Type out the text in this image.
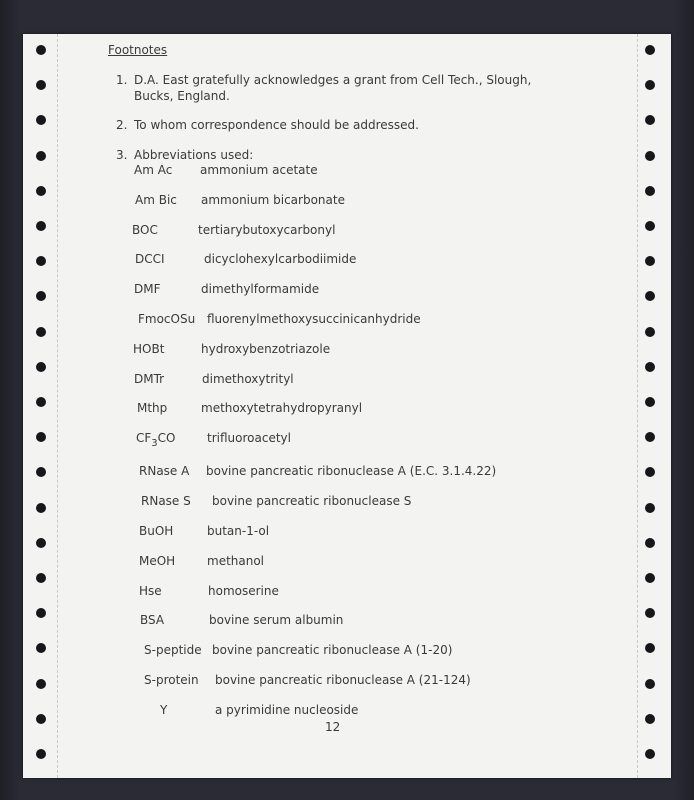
Footnotes
1. D.A. East gratefully acknowledges a grant from Cell Tech., Slough,
Bucks, England.
2. To whom correspondence should be addressed.
3. Abbreviations used:
Am Ac ammonium acetate
Am Bic ammonium bicarbonate
BOC	tertiarybutoxycarbonyl
DCCI	dicyclohexylcarbodiimide
DMF	dimethylformamide
FmocOSu fluorenylmethoxysuccinicanhydride
HOBt	hydroxybenzotriazole
DMTr	dimethoxytrityl
Mthp	methoxytetrahydropyranyl
$CF_3CO$	trifluoroacetyl
RNase A bovine pancreatic ribonuclease A (E.C. 3.1.4.22)
RNase S bovine pancreatic ribonuclease S
BuOH	butan-1-ol
MeOH	methanol
Hse	homoserine
BSA	bovine serum albumin
S-peptide bovine pancreatic ribonuclease A (1-20)
S-protein bovine pancreatic ribonuclease A (21-124)
Y	a pyrimidine nucleoside
12
